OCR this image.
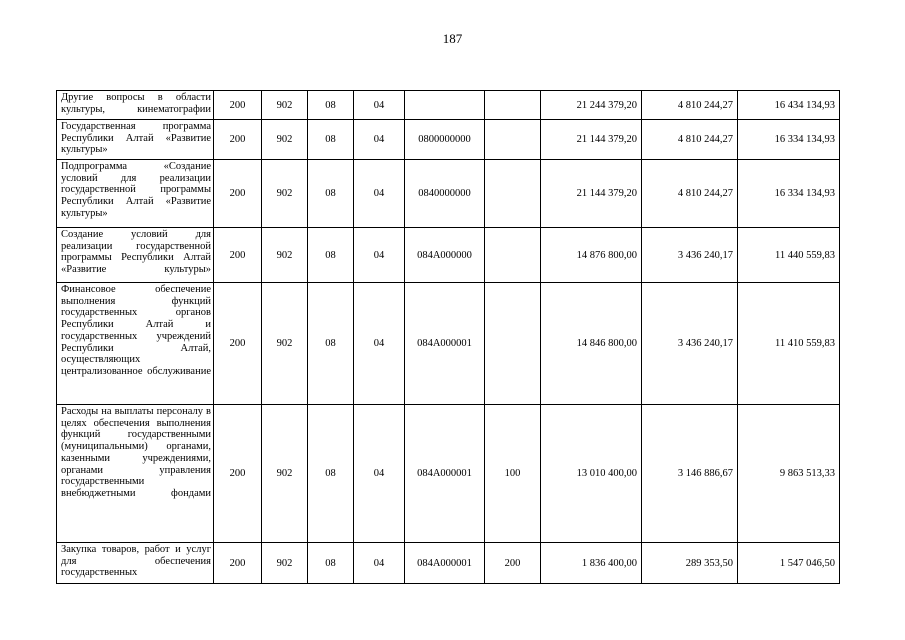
187
Другие вопросы в области культуры, кинематографии	200	902	08	04			21 244 379,20	4 810 244,27	16 434 134,93
Государственная программа Республики Алтай «Развитие культуры»	200	902	08	04	0800000000		21 144 379,20	4 810 244,27	16 334 134,93
Подпрограмма «Создание условий для реализации государственной программы Республики Алтай «Развитие культуры»	200	902	08	04	0840000000		21 144 379,20	4 810 244,27	16 334 134,93
Создание условий для реализации государственной программы Республики Алтай «Развитие культуры»	200	902	08	04	084A000000		14 876 800,00	3 436 240,17	11 440 559,83
Финансовое обеспечение выполнения функций государственных органов Республики Алтай и государственных учреждений Республики Алтай, осуществляющих централизованное обслуживание	200	902	08	04	084A000001		14 846 800,00	3 436 240,17	11 410 559,83
Расходы на выплаты персоналу в целях обеспечения выполнения функций государственными (муниципальными) органами, казенными учреждениями, органами управления государственными внебюджетными фондами	200	902	08	04	084A000001	100	13 010 400,00	3 146 886,67	9 863 513,33
Закупка товаров, работ и услуг для обеспечения государственных	200	902	08	04	084A000001	200	1 836 400,00	289 353,50	1 547 046,50
